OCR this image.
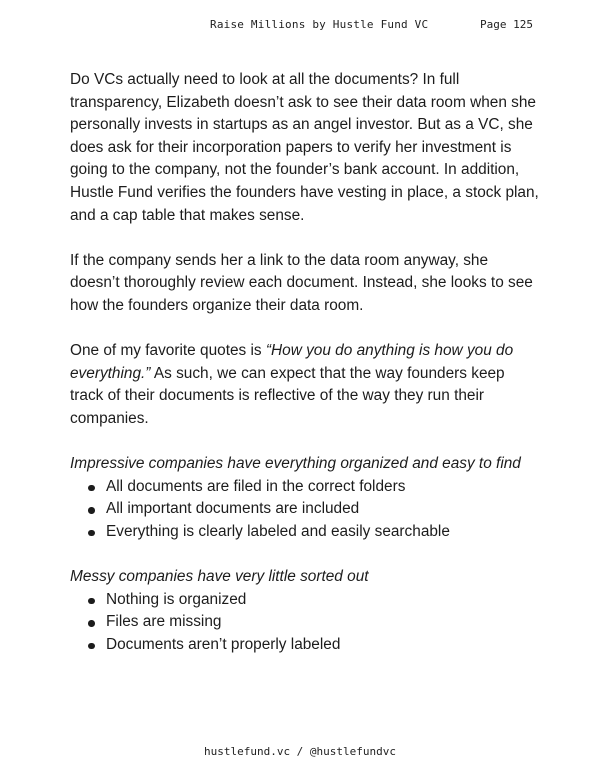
Raise Millions by Hustle Fund VC	Page 125

Do VCs actually need to look at all the documents? In full transparency, Elizabeth doesn’t ask to see their data room when she personally invests in startups as an angel investor. But as a VC, she does ask for their incorporation papers to verify her investment is going to the company, not the founder’s bank account. In addition, Hustle Fund verifies the founders have vesting in place, a stock plan, and a cap table that makes sense.

If the company sends her a link to the data room anyway, she doesn’t thoroughly review each document. Instead, she looks to see how the founders organize their data room.

One of my favorite quotes is “How you do anything is how you do everything.” As such, we can expect that the way founders keep track of their documents is reflective of the way they run their companies.

Impressive companies have everything organized and easy to find

All documents are filed in the correct folders
All important documents are included
Everything is clearly labeled and easily searchable

Messy companies have very little sorted out

Nothing is organized
Files are missing
Documents aren’t properly labeled
hustlefund.vc / @hustlefundvc
